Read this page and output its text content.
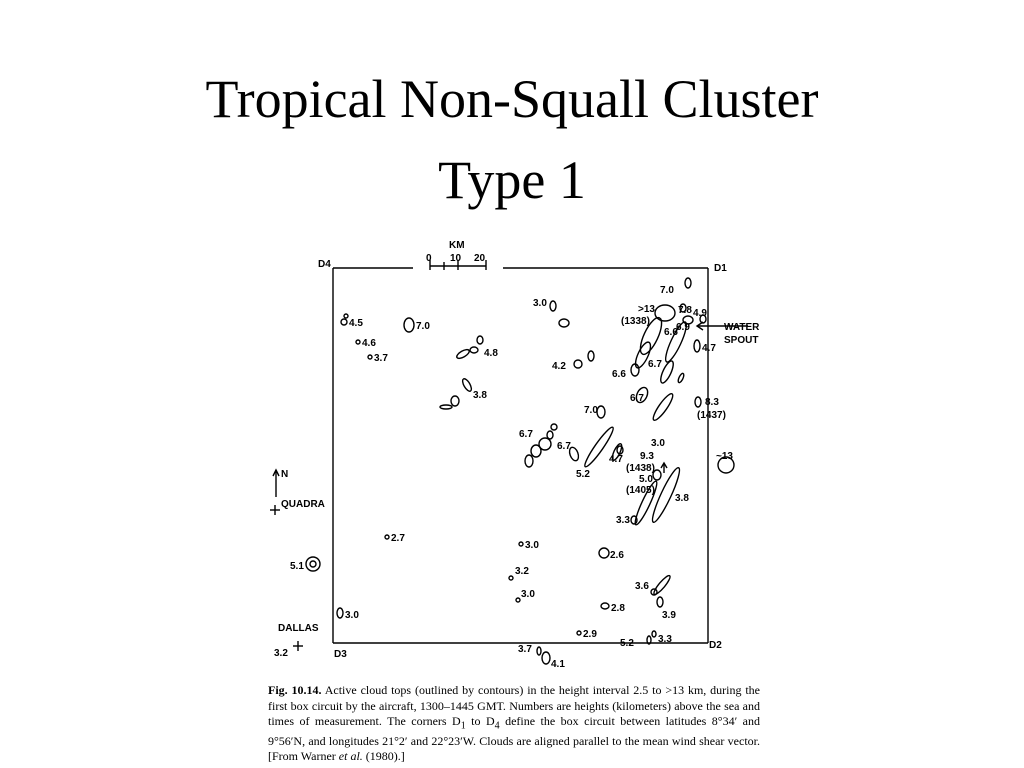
Tropical Non-Squall Cluster
Type 1
D4	D1
D3
D2
KM
0 10 20
N
QUADRA
DALLAS
3.2
WATER
SPOUT
4.5	7.0
4.6
3.7	4.8
3.8
3.0
7.0
>13
(1338)
7.8 4.9
6.9
6.6
4.7
4.2
6.6
6.7
6.7	8.3
(1437)
7.0
6.7
6.7
4.7
5.2
3.0
9.3
(1438)
5.0
(1405)
3.8
~13
3.3
2.7
3.0
2.6
5.1	3.2
3.0
3.6
3.9
2.8
3.0
2.9
5.2 3.3
3.7
4.1
Fig. 10.14. Active cloud tops (outlined by contours) in the height interval 2.5 to >13 km, during the first box circuit by the aircraft, 1300–1445 GMT. Numbers are heights (kilometers) above the sea and times of measurement. The corners $D_1$ to $D_4$ define the box circuit between latitudes 8°34′ and 9°56′N, and longitudes 21°2′ and 22°23′W. Clouds are aligned parallel to the mean wind shear vector. [From Warner et al. (1980).]
